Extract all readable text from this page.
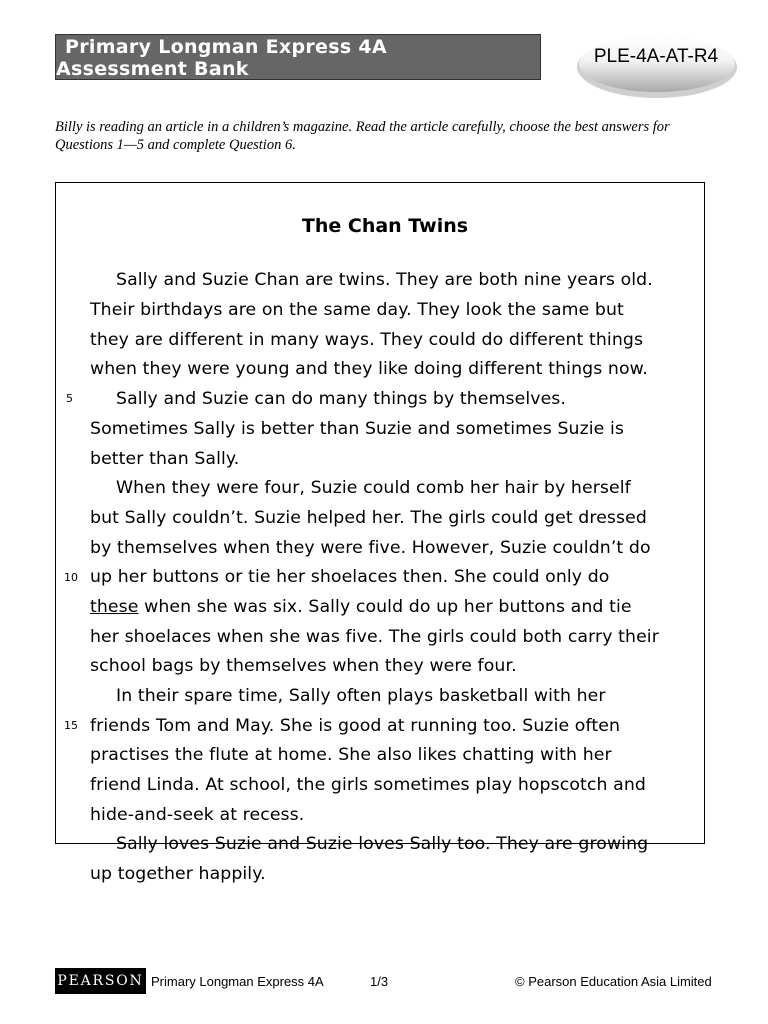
Primary Longman Express 4A
Assessment Bank
PLE-4A-AT-R4
Billy is reading an article in a children’s magazine. Read the article carefully, choose the best answers for
Questions 1—5 and complete Question 6.
The Chan Twins
Sally and Suzie Chan are twins. They are both nine years old.
Their birthdays are on the same day. They look the same but
they are different in many ways. They could do different things
when they were young and they like doing different things now.
Sally and Suzie can do many things by themselves.
Sometimes Sally is better than Suzie and sometimes Suzie is
better than Sally.
When they were four, Suzie could comb her hair by herself
but Sally couldn’t. Suzie helped her. The girls could get dressed
by themselves when they were five. However, Suzie couldn’t do
up her buttons or tie her shoelaces then. She could only do
these when she was six. Sally could do up her buttons and tie
her shoelaces when she was five. The girls could both carry their
school bags by themselves when they were four.
In their spare time, Sally often plays basketball with her
friends Tom and May. She is good at running too. Suzie often
practises the flute at home. She also likes chatting with her
friend Linda. At school, the girls sometimes play hopscotch and
hide-and-seek at recess.
Sally loves Suzie and Suzie loves Sally too. They are growing
up together happily.
5
10
15
PEARSON Primary Longman Express 4A	1/3	© Pearson Education Asia Limited
